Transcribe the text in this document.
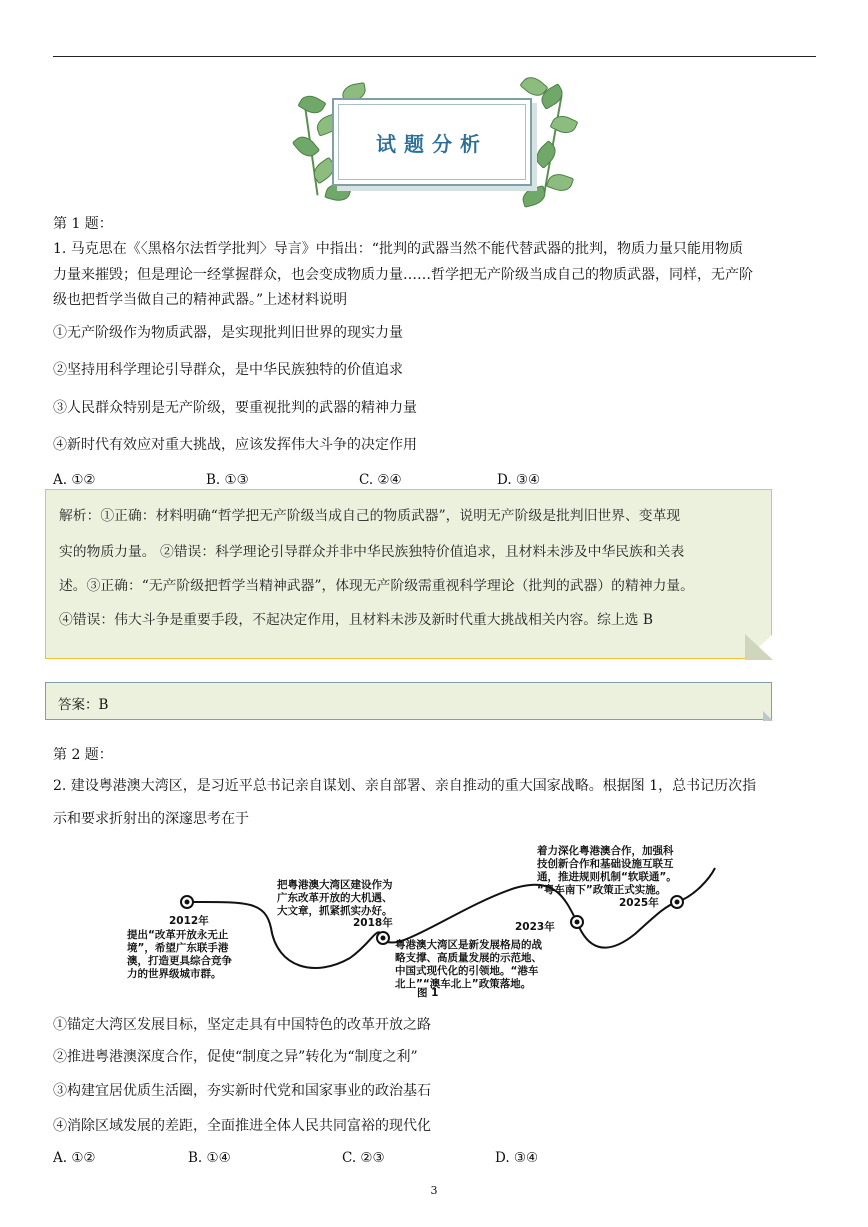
试题分析
第 1 题：
1. 马克思在《〈黑格尔法哲学批判〉导言》中指出：“批判的武器当然不能代替武器的批判，物质力量只能用物质
力量来摧毁；但是理论一经掌握群众，也会变成物质力量……哲学把无产阶级当成自己的物质武器，同样，无产阶
级也把哲学当做自己的精神武器。”上述材料说明
①无产阶级作为物质武器，是实现批判旧世界的现实力量
②坚持用科学理论引导群众，是中华民族独特的价值追求
③人民群众特别是无产阶级，要重视批判的武器的精神力量
④新时代有效应对重大挑战，应该发挥伟大斗争的决定作用
A. ①②	B. ①③	C. ②④	D. ③④
解析：①正确：材料明确“哲学把无产阶级当成自己的物质武器”，说明无产阶级是批判旧世界、变革现
实的物质力量。 ②错误：科学理论引导群众并非中华民族独特价值追求，且材料未涉及中华民族和关表
述。③正确：“无产阶级把哲学当精神武器”，体现无产阶级需重视科学理论（批判的武器）的精神力量。
④错误：伟大斗争是重要手段，不起决定作用，且材料未涉及新时代重大挑战相关内容。综上选 B
答案：B
第 2 题：
2. 建设粤港澳大湾区，是习近平总书记亲自谋划、亲自部署、亲自推动的重大国家战略。根据图 1，总书记历次指
示和要求折射出的深邃思考在于
2012年	2018年	2023年
2025年
提出“改革开放永无止
境”，希望广东联手港
澳，打造更具综合竞争
力的世界级城市群。
把粤港澳大湾区建设作为
广东改革开放的大机遇、
大文章，抓紧抓实办好。
粤港澳大湾区是新发展格局的战
略支撑、高质量发展的示范地、
中国式现代化的引领地。“港车
北上”“澳车北上”政策落地。
着力深化粤港澳合作，加强科
技创新合作和基础设施互联互
通，推进规则机制“软联通”。
“粤车南下”政策正式实施。
图 1
①锚定大湾区发展目标，坚定走具有中国特色的改革开放之路
②推进粤港澳深度合作，促使“制度之异”转化为“制度之利”
③构建宜居优质生活圈，夯实新时代党和国家事业的政治基石
④消除区域发展的差距，全面推进全体人民共同富裕的现代化
A. ①②	B. ①④	C. ②③	D. ③④
3
